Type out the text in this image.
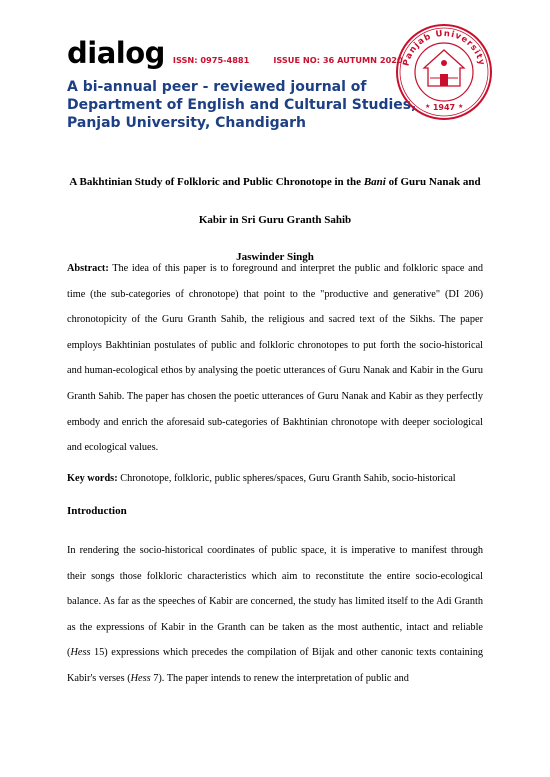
dialog ISSN: 0975-4881	ISSUE NO: 36 AUTUMN 2020
A bi-annual peer - reviewed journal of Department of English and Cultural Studies, Panjab University, Chandigarh
Panjab University
1947
★	★

A Bakhtinian Study of Folkloric and Public Chronotope in the Bani of Guru Nanak and Kabir in Sri Guru Granth Sahib

Jaswinder Singh
Abstract: The idea of this paper is to foreground and interpret the public and folkloric space and time (the sub-categories of chronotope) that point to the "productive and generative" (DI 206) chronotopicity of the Guru Granth Sahib, the religious and sacred text of the Sikhs. The paper employs Bakhtinian postulates of public and folkloric chronotopes to put forth the socio-historical and human-ecological ethos by analysing the poetic utterances of Guru Nanak and Kabir in the Guru Granth Sahib. The paper has chosen the poetic utterances of Guru Nanak and Kabir as they perfectly embody and enrich the aforesaid sub-categories of Bakhtinian chronotope with deeper sociological and ecological values.
Key words: Chronotope, folkloric, public spheres/spaces, Guru Granth Sahib, socio-historical
Introduction
In rendering the socio-historical coordinates of public space, it is imperative to manifest through their songs those folkloric characteristics which aim to reconstitute the entire socio-ecological balance. As far as the speeches of Kabir are concerned, the study has limited itself to the Adi Granth as the expressions of Kabir in the Granth can be taken as the most authentic, intact and reliable (Hess 15) expressions which precedes the compilation of Bijak and other canonic texts containing Kabir's verses (Hess 7). The paper intends to renew the interpretation of public and
